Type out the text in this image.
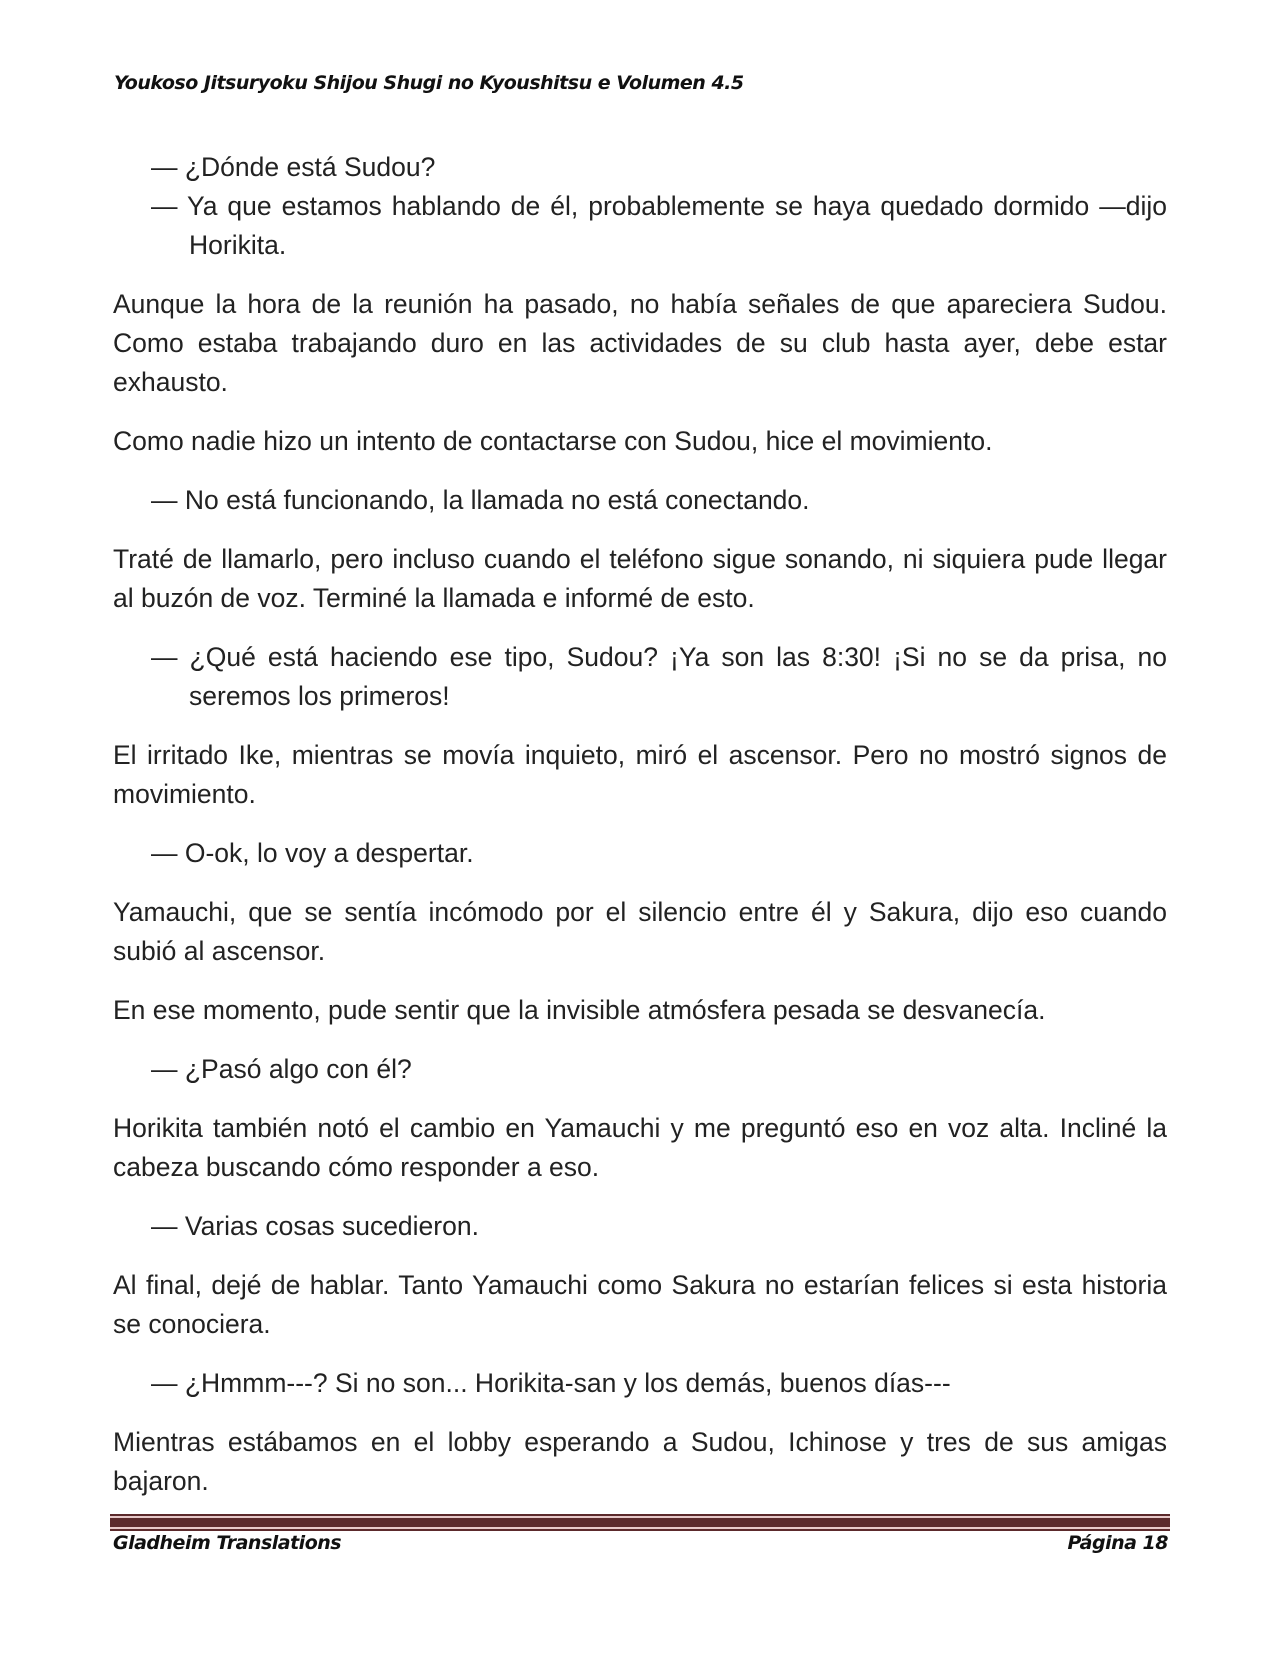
Youkoso Jitsuryoku Shijou Shugi no Kyoushitsu e Volumen 4.5

— ¿Dónde está Sudou?

— Ya que estamos hablando de él, probablemente se haya quedado dormido —dijo Horikita.

Aunque la hora de la reunión ha pasado, no había señales de que apareciera Sudou. Como estaba trabajando duro en las actividades de su club hasta ayer, debe estar exhausto.

Como nadie hizo un intento de contactarse con Sudou, hice el movimiento.

— No está funcionando, la llamada no está conectando.

Traté de llamarlo, pero incluso cuando el teléfono sigue sonando, ni siquiera pude llegar al buzón de voz. Terminé la llamada e informé de esto.

— ¿Qué está haciendo ese tipo, Sudou? ¡Ya son las 8:30! ¡Si no se da prisa, no seremos los primeros!

El irritado Ike, mientras se movía inquieto, miró el ascensor. Pero no mostró signos de movimiento.

— O-ok, lo voy a despertar.

Yamauchi, que se sentía incómodo por el silencio entre él y Sakura, dijo eso cuando subió al ascensor.

En ese momento, pude sentir que la invisible atmósfera pesada se desvanecía.

— ¿Pasó algo con él?

Horikita también notó el cambio en Yamauchi y me preguntó eso en voz alta. Incliné la cabeza buscando cómo responder a eso.

— Varias cosas sucedieron.

Al final, dejé de hablar. Tanto Yamauchi como Sakura no estarían felices si esta historia se conociera.

— ¿Hmmm---? Si no son... Horikita-san y los demás, buenos días---

Mientras estábamos en el lobby esperando a Sudou, Ichinose y tres de sus amigas bajaron.

Gladheim Translations	Página 18
